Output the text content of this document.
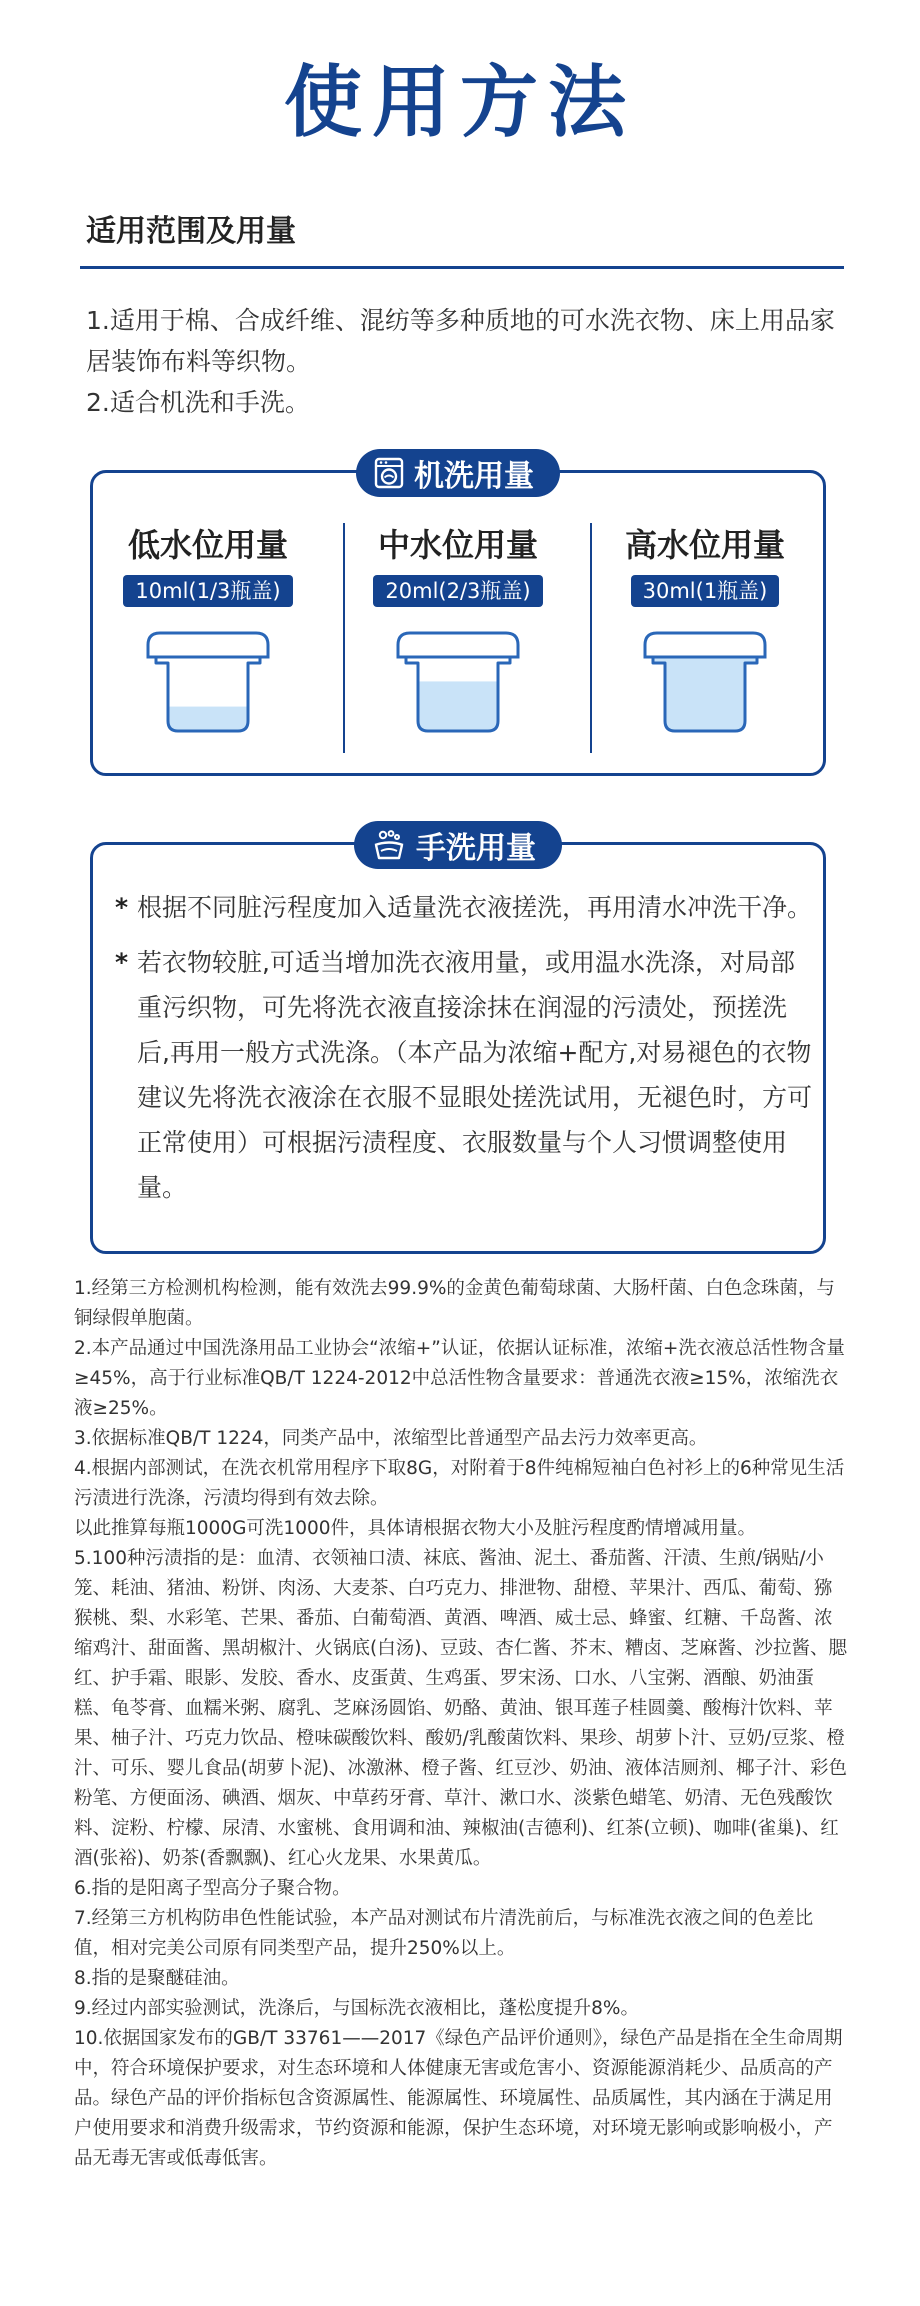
使用方法
适用范围及用量

1.适用于棉、合成纤维、混纺等多种质地的可水洗衣物、床上用品家居装饰布料等织物。

2.适合机洗和手洗。

机洗用量

低水位用量

10ml(1/3瓶盖)

中水位用量

20ml(2/3瓶盖)

高水位用量

30ml(1瓶盖)
手洗用量
* 根据不同脏污程度加入适量洗衣液搓洗，再用清水冲洗干净。
* 若衣物较脏,可适当增加洗衣液用量，或用温水洗涤，对局部重污织物，可先将洗衣液直接涂抹在润湿的污渍处，预搓洗后,再用一般方式洗涤。（本产品为浓缩+配方,对易褪色的衣物建议先将洗衣液涂在衣服不显眼处搓洗试用，无褪色时，方可正常使用）可根据污渍程度、衣服数量与个人习惯调整使用量。

1.经第三方检测机构检测，能有效洗去99.9%的金黄色葡萄球菌、大肠杆菌、白色念珠菌，与铜绿假单胞菌。

2.本产品通过中国洗涤用品工业协会“浓缩+”认证，依据认证标准，浓缩+洗衣液总活性物含量≥45%，高于行业标准QB/T 1224-2012中总活性物含量要求：普通洗衣液≥15%，浓缩洗衣液≥25%。

3.依据标准QB/T 1224，同类产品中，浓缩型比普通型产品去污力效率更高。

4.根据内部测试，在洗衣机常用程序下取8G，对附着于8件纯棉短袖白色衬衫上的6种常见生活污渍进行洗涤，污渍均得到有效去除。

以此推算每瓶1000G可洗1000件，具体请根据衣物大小及脏污程度酌情增减用量。

5.100种污渍指的是：血清、衣领袖口渍、袜底、酱油、泥土、番茄酱、汗渍、生煎/锅贴/小笼、耗油、猪油、粉饼、肉汤、大麦茶、白巧克力、排泄物、甜橙、苹果汁、西瓜、葡萄、猕猴桃、梨、水彩笔、芒果、番茄、白葡萄酒、黄酒、啤酒、威士忌、蜂蜜、红糖、千岛酱、浓缩鸡汁、甜面酱、黑胡椒汁、火锅底(白汤)、豆豉、杏仁酱、芥末、糟卤、芝麻酱、沙拉酱、腮红、护手霜、眼影、发胶、香水、皮蛋黄、生鸡蛋、罗宋汤、口水、八宝粥、酒酿、奶油蛋糕、龟苓膏、血糯米粥、腐乳、芝麻汤圆馅、奶酪、黄油、银耳莲子桂圆羹、酸梅汁饮料、苹果、柚子汁、巧克力饮品、橙味碳酸饮料、酸奶/乳酸菌饮料、果珍、胡萝卜汁、豆奶/豆浆、橙汁、可乐、婴儿食品(胡萝卜泥)、冰激淋、橙子酱、红豆沙、奶油、液体洁厕剂、椰子汁、彩色粉笔、方便面汤、碘酒、烟灰、中草药牙膏、草汁、漱口水、淡紫色蜡笔、奶清、无色残酸饮料、淀粉、柠檬、尿清、水蜜桃、食用调和油、辣椒油(吉德利)、红茶(立顿)、咖啡(雀巢)、红酒(张裕)、奶茶(香飘飘)、红心火龙果、水果黄瓜。

6.指的是阳离子型高分子聚合物。

7.经第三方机构防串色性能试验，本产品对测试布片清洗前后，与标准洗衣液之间的色差比值，相对完美公司原有同类型产品，提升250%以上。

8.指的是聚醚硅油。

9.经过内部实验测试，洗涤后，与国标洗衣液相比，蓬松度提升8%。

10.依据国家发布的GB/T 33761——2017《绿色产品评价通则》，绿色产品是指在全生命周期中，符合环境保护要求，对生态环境和人体健康无害或危害小、资源能源消耗少、品质高的产品。绿色产品的评价指标包含资源属性、能源属性、环境属性、品质属性，其内涵在于满足用户使用要求和消费升级需求，节约资源和能源，保护生态环境，对环境无影响或影响极小，产品无毒无害或低毒低害。
